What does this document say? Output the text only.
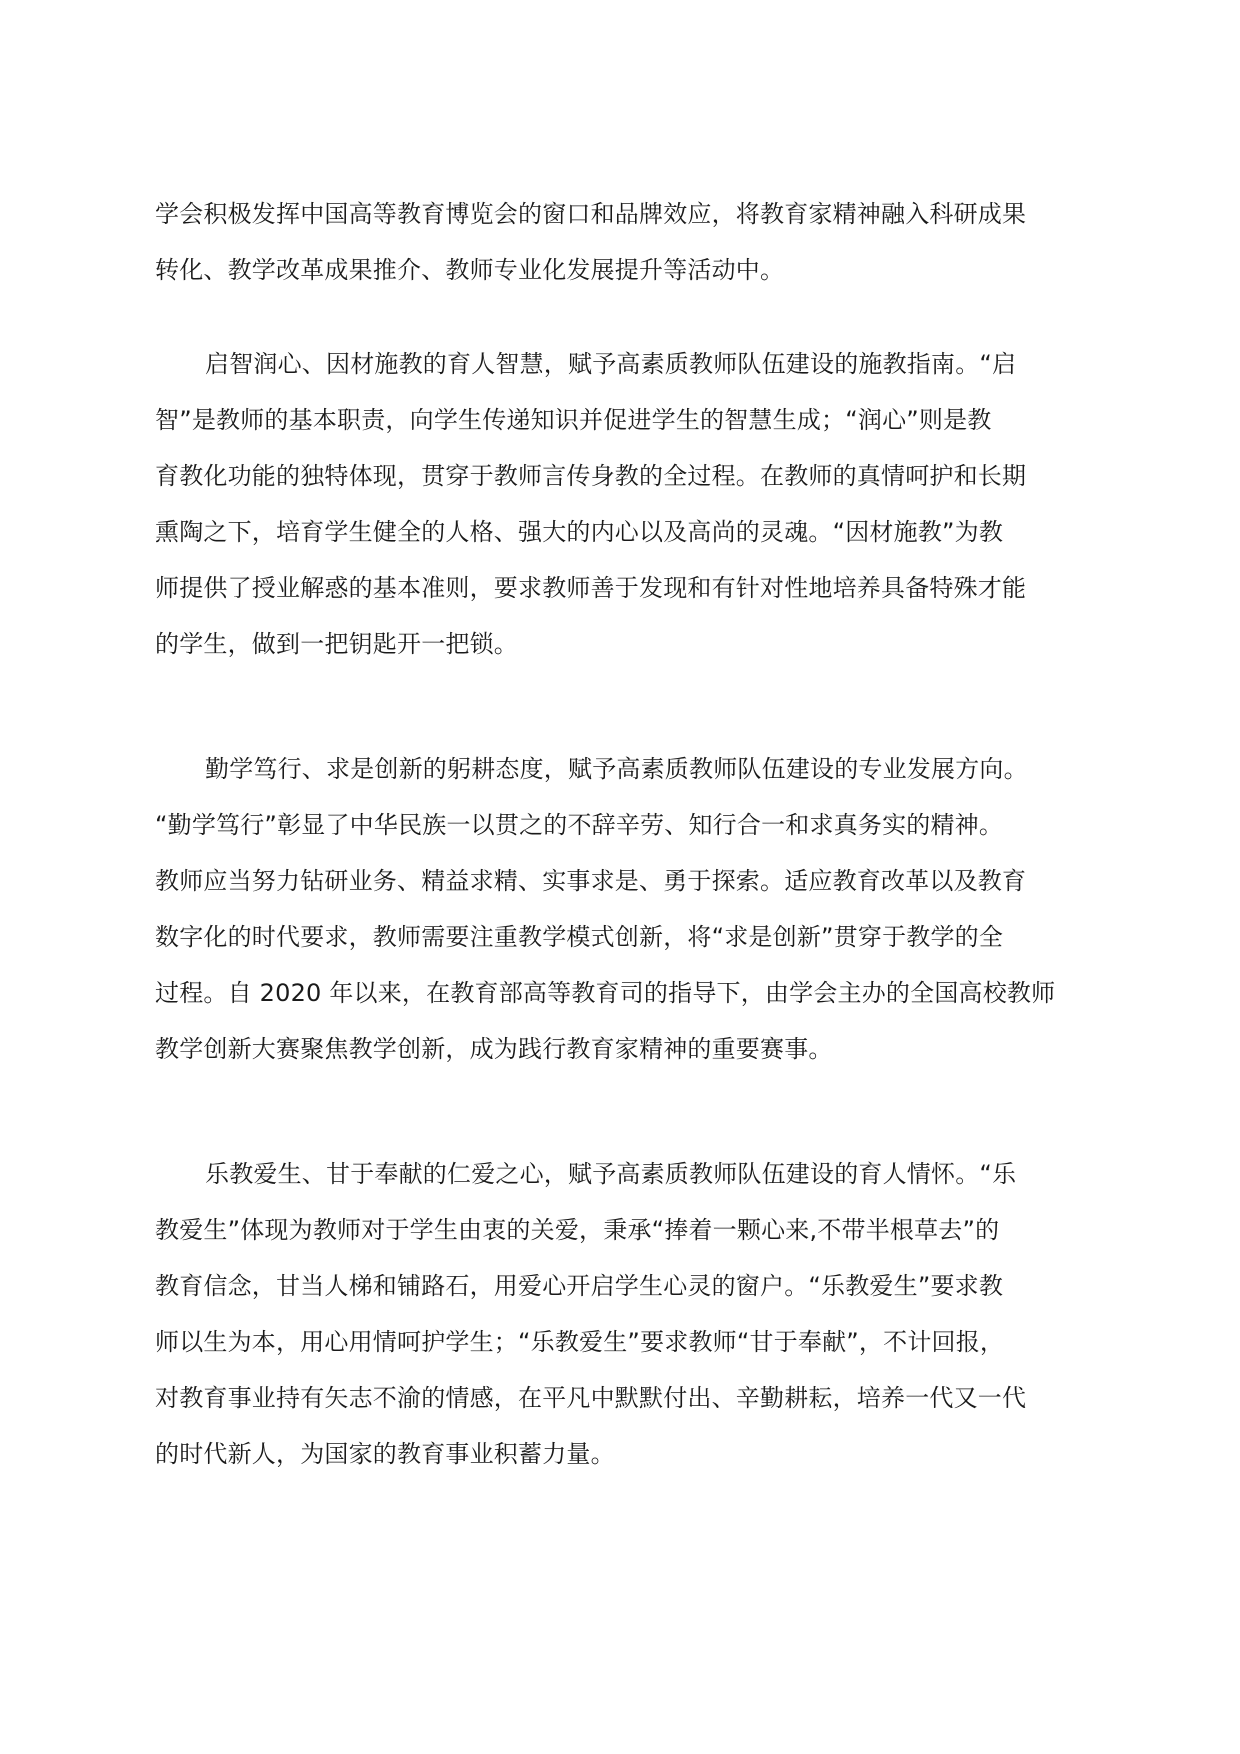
学会积极发挥中国高等教育博览会的窗口和品牌效应，将教育家精神融入科研成果
转化、教学改革成果推介、教师专业化发展提升等活动中。

启智润心、因材施教的育人智慧，赋予高素质教师队伍建设的施教指南。“启
智”是教师的基本职责，向学生传递知识并促进学生的智慧生成；“润心”则是教
育教化功能的独特体现，贯穿于教师言传身教的全过程。在教师的真情呵护和长期
熏陶之下，培育学生健全的人格、强大的内心以及高尚的灵魂。“因材施教”为教
师提供了授业解惑的基本准则，要求教师善于发现和有针对性地培养具备特殊才能
的学生，做到一把钥匙开一把锁。

勤学笃行、求是创新的躬耕态度，赋予高素质教师队伍建设的专业发展方向。
“勤学笃行”彰显了中华民族一以贯之的不辞辛劳、知行合一和求真务实的精神。
教师应当努力钻研业务、精益求精、实事求是、勇于探索。适应教育改革以及教育
数字化的时代要求，教师需要注重教学模式创新，将“求是创新”贯穿于教学的全
过程。自 2020 年以来，在教育部高等教育司的指导下，由学会主办的全国高校教师
教学创新大赛聚焦教学创新，成为践行教育家精神的重要赛事。

乐教爱生、甘于奉献的仁爱之心，赋予高素质教师队伍建设的育人情怀。“乐
教爱生”体现为教师对于学生由衷的关爱，秉承“捧着一颗心来,不带半根草去”的
教育信念，甘当人梯和铺路石，用爱心开启学生心灵的窗户。“乐教爱生”要求教
师以生为本，用心用情呵护学生；“乐教爱生”要求教师“甘于奉献”，不计回报，
对教育事业持有矢志不渝的情感，在平凡中默默付出、辛勤耕耘，培养一代又一代
的时代新人，为国家的教育事业积蓄力量。
